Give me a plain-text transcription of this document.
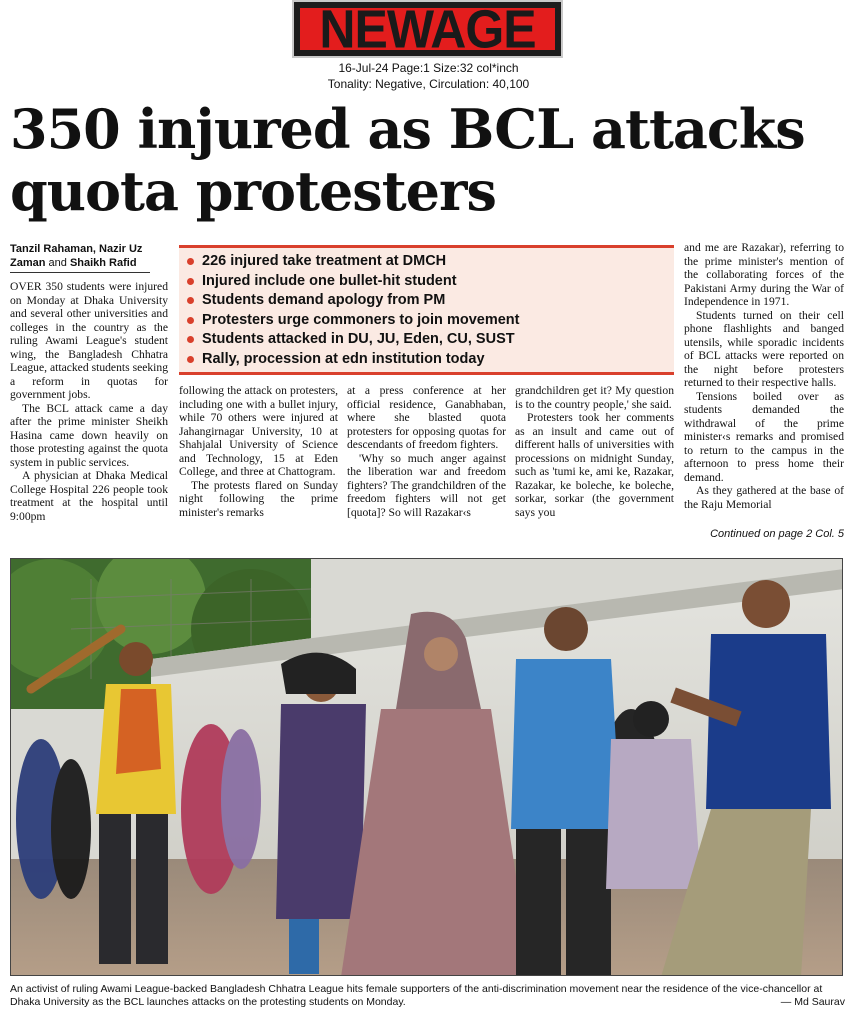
NEWAGE
16-Jul-24 Page:1 Size:32 col*inch
Tonality: Negative, Circulation: 40,100
350 injured as BCL attacks quota protesters
Tanzil Rahaman, Nazir Uz Zaman and Shaikh Rafid

OVER 350 students were injured on Monday at Dhaka University and several other universities and colleges in the country as the ruling Awami League's student wing, the Bangladesh Chhatra League, attacked students seeking a reform in quotas for government jobs.

The BCL attack came a day after the prime minister Sheikh Hasina came down heavily on those protesting against the quota system in public services.

A physician at Dhaka Medical College Hospital 226 people took treatment at the hospital until 9:00pm

226 injured take treatment at DMCH
Injured include one bullet-hit student
Students demand apology from PM
Protesters urge commoners to join movement
Students attacked in DU, JU, Eden, CU, SUST
Rally, procession at edn institution today

following the attack on protesters, including one with a bullet injury, while 70 others were injured at Jahangirnagar University, 10 at Shahjalal University of Science and Technology, 15 at Eden College, and three at Chattogram.

The protests flared on Sunday night following the prime minister's remarks

at a press conference at her official residence, Ganabhaban, where she blasted quota protesters for opposing quotas for descendants of freedom fighters.

'Why so much anger against the liberation war and freedom fighters? The grandchildren of the freedom fighters will not get [quota]? So will Razakar‹s

grandchildren get it? My question is to the country people,' she said.

Protesters took her comments as an insult and came out of different halls of universities with processions on midnight Sunday, such as 'tumi ke, ami ke, Razakar, Razakar, ke boleche, ke boleche, sorkar, sorkar (the government says you

and me are Razakar), referring to the prime minister's mention of the collaborating forces of the Pakistani Army during the War of Independence in 1971.

Students turned on their cell phone flashlights and banged utensils, while sporadic incidents of BCL attacks were reported on the night before protesters returned to their respective halls.

Tensions boiled over as students demanded the withdrawal of the prime minister‹s remarks and promised to return to the campus in the afternoon to press home their demand.

As they gathered at the base of the Raju Memorial

Continued on page 2 Col. 5
An activist of ruling Awami League-backed Bangladesh Chhatra League hits female supporters of the anti-discrimination movement near the residence of the vice-chancellor at Dhaka University as the BCL launches attacks on the protesting students on Monday.	— Md Saurav
